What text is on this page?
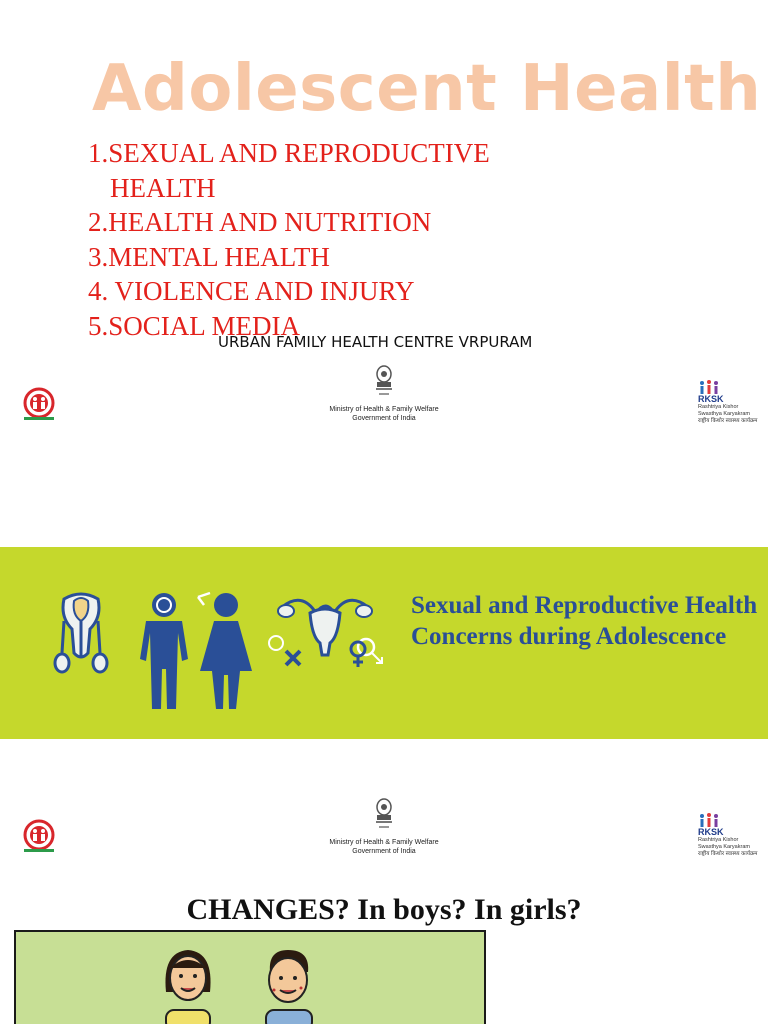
Adolescent Health
1.SEXUAL AND REPRODUCTIVE
HEALTH
2.HEALTH AND NUTRITION
3.MENTAL HEALTH
4. VIOLENCE AND INJURY
5.SOCIAL MEDIA
URBAN FAMILY HEALTH CENTRE VRPURAM
Ministry of Health & Family Welfare
Government of India
RKSK
Rashtriya Kishor
Swasthya Karyakram
राष्ट्रीय किशोर स्वास्थ्य कार्यक्रम
Sexual and Reproductive Health Concerns during Adolescence
Ministry of Health & Family Welfare
Government of India
RKSK
Rashtriya Kishor
Swasthya Karyakram
राष्ट्रीय किशोर स्वास्थ्य कार्यक्रम
CHANGES? In boys? In girls?
